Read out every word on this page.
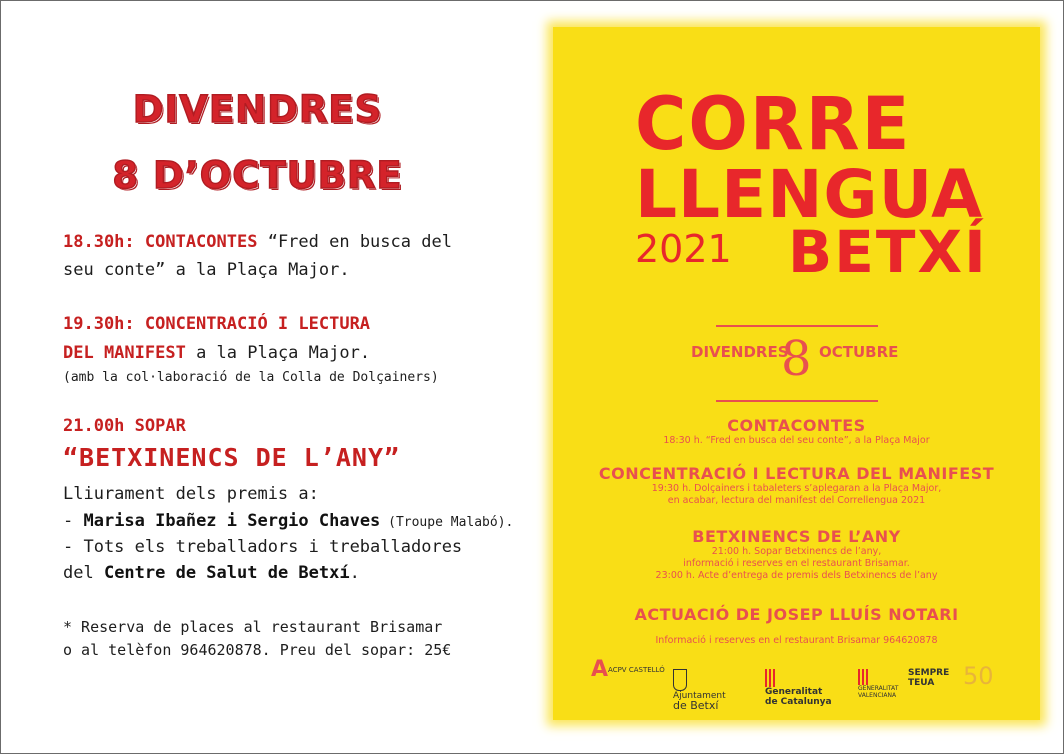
DIVENDRES
8 D’OCTUBRE
18.30h: CONTACONTES “Fred en busca del
seu conte” a la Plaça Major.
19.30h: CONCENTRACIÓ I LECTURA
DEL MANIFEST a la Plaça Major.
(amb la col·laboració de la Colla de Dolçainers)
21.00h SOPAR
“BETXINENCS DE L’ANY”
Lliurament dels premis a:
- Marisa Ibañez i Sergio Chaves (Troupe Malabó).
- Tots els treballadors i treballadores
del Centre de Salut de Betxí.
* Reserva de places al restaurant Brisamar
o al telèfon 964620878. Preu del sopar: 25€
CORRE
LLENGUA
2021 BETXÍ
DIVENDRES
8 OCTUBRE
CONTACONTES
18:30 h. “Fred en busca del seu conte”, a la Plaça Major
CONCENTRACIÓ I LECTURA DEL MANIFEST
19:30 h. Dolçainers i tabaleters s’aplegaran a la Plaça Major,
en acabar, lectura del manifest del Correllengua 2021
BETXINENCS DE L’ANY
21:00 h. Sopar Betxinencs de l’any,
informació i reserves en el restaurant Brisamar.
23:00 h. Acte d’entrega de premis dels Betxinencs de l’any
ACTUACIÓ DE JOSEP LLUÍS NOTARI
Informació i reserves en el restaurant Brisamar 964620878
AACPV CASTELLÓ
Ajuntament
de Betxí
Generalitat
de Catalunya
GENERALITAT
VALENCIANA
SEMPRE
TEUA	50
